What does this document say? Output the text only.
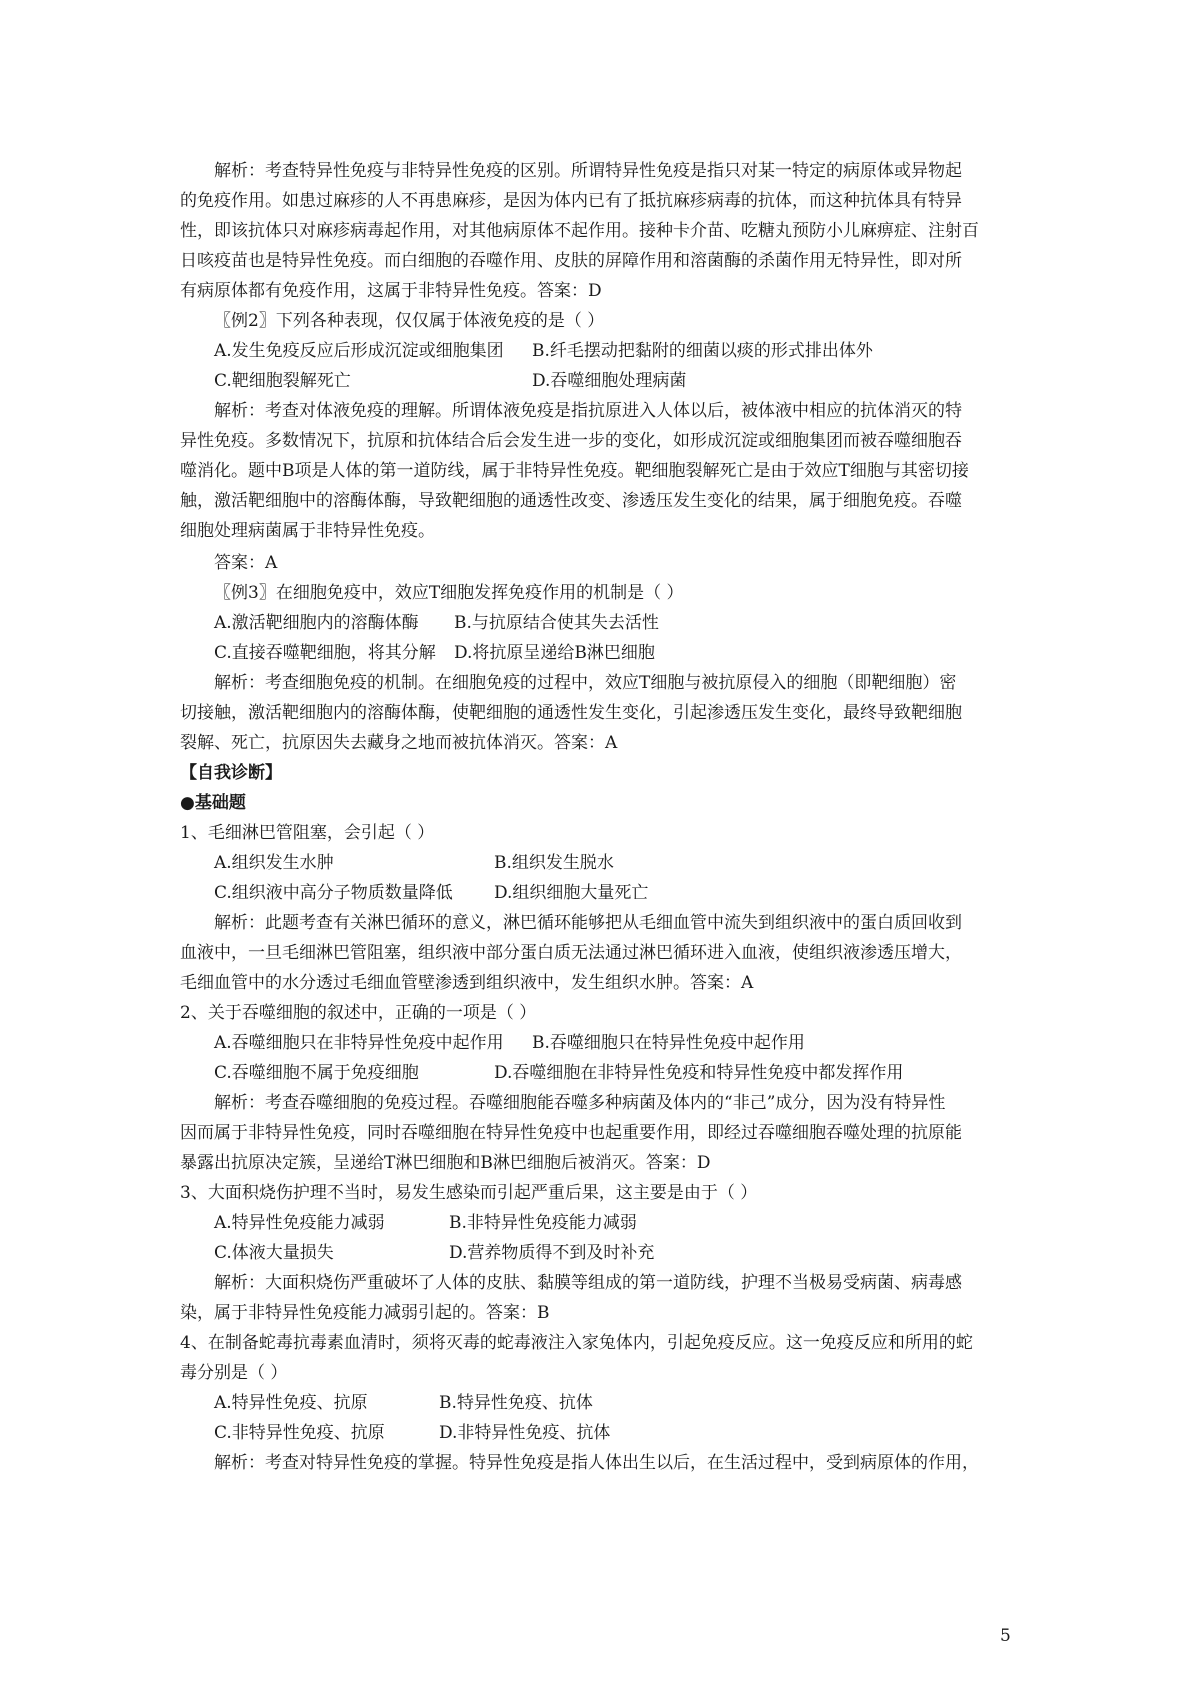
解析：考查特异性免疫与非特异性免疫的区别。所谓特异性免疫是指只对某一特定的病原体或异物起
的免疫作用。如患过麻疹的人不再患麻疹，是因为体内已有了抵抗麻疹病毒的抗体，而这种抗体具有特异
性，即该抗体只对麻疹病毒起作用，对其他病原体不起作用。接种卡介苗、吃糖丸预防小儿麻痹症、注射百
日咳疫苗也是特异性免疫。而白细胞的吞噬作用、皮肤的屏障作用和溶菌酶的杀菌作用无特异性，即对所
有病原体都有免疫作用，这属于非特异性免疫。答案：D
〖例2〗下列各种表现，仅仅属于体液免疫的是（ ）
A.发生免疫反应后形成沉淀或细胞集团 B.纤毛摆动把黏附的细菌以痰的形式排出体外
C.靶细胞裂解死亡	D.吞噬细胞处理病菌
解析：考查对体液免疫的理解。所谓体液免疫是指抗原进入人体以后，被体液中相应的抗体消灭的特
异性免疫。多数情况下，抗原和抗体结合后会发生进一步的变化，如形成沉淀或细胞集团而被吞噬细胞吞
噬消化。题中B项是人体的第一道防线，属于非特异性免疫。靶细胞裂解死亡是由于效应T细胞与其密切接
触，激活靶细胞中的溶酶体酶，导致靶细胞的通透性改变、渗透压发生变化的结果，属于细胞免疫。吞噬
细胞处理病菌属于非特异性免疫。
答案：A
〖例3〗在细胞免疫中，效应T细胞发挥免疫作用的机制是（ ）
A.激活靶细胞内的溶酶体酶 B.与抗原结合使其失去活性
C.直接吞噬靶细胞，将其分解 D.将抗原呈递给B淋巴细胞
解析：考查细胞免疫的机制。在细胞免疫的过程中，效应T细胞与被抗原侵入的细胞（即靶细胞）密
切接触，激活靶细胞内的溶酶体酶，使靶细胞的通透性发生变化，引起渗透压发生变化，最终导致靶细胞
裂解、死亡，抗原因失去藏身之地而被抗体消灭。答案：A
【自我诊断】
●基础题
1、毛细淋巴管阻塞，会引起（ ）
A.组织发生水肿	B.组织发生脱水
C.组织液中高分子物质数量降低 D.组织细胞大量死亡
解析：此题考查有关淋巴循环的意义，淋巴循环能够把从毛细血管中流失到组织液中的蛋白质回收到
血液中，一旦毛细淋巴管阻塞，组织液中部分蛋白质无法通过淋巴循环进入血液，使组织液渗透压增大，
毛细血管中的水分透过毛细血管壁渗透到组织液中，发生组织水肿。答案：A
2、关于吞噬细胞的叙述中，正确的一项是（ ）
A.吞噬细胞只在非特异性免疫中起作用 B.吞噬细胞只在特异性免疫中起作用
C.吞噬细胞不属于免疫细胞	D.吞噬细胞在非特异性免疫和特异性免疫中都发挥作用
解析：考查吞噬细胞的免疫过程。吞噬细胞能吞噬多种病菌及体内的“非己”成分，因为没有特异性
因而属于非特异性免疫，同时吞噬细胞在特异性免疫中也起重要作用，即经过吞噬细胞吞噬处理的抗原能
暴露出抗原决定簇，呈递给T淋巴细胞和B淋巴细胞后被消灭。答案：D
3、大面积烧伤护理不当时，易发生感染而引起严重后果，这主要是由于（ ）
A.特异性免疫能力减弱	B.非特异性免疫能力减弱
C.体液大量损失	D.营养物质得不到及时补充
解析：大面积烧伤严重破坏了人体的皮肤、黏膜等组成的第一道防线，护理不当极易受病菌、病毒感
染，属于非特异性免疫能力减弱引起的。答案：B
4、在制备蛇毒抗毒素血清时，须将灭毒的蛇毒液注入家兔体内，引起免疫反应。这一免疫反应和所用的蛇
毒分别是（ ）
A.特异性免疫、抗原	B.特异性免疫、抗体
C.非特异性免疫、抗原	D.非特异性免疫、抗体
解析：考查对特异性免疫的掌握。特异性免疫是指人体出生以后，在生活过程中，受到病原体的作用，
5
